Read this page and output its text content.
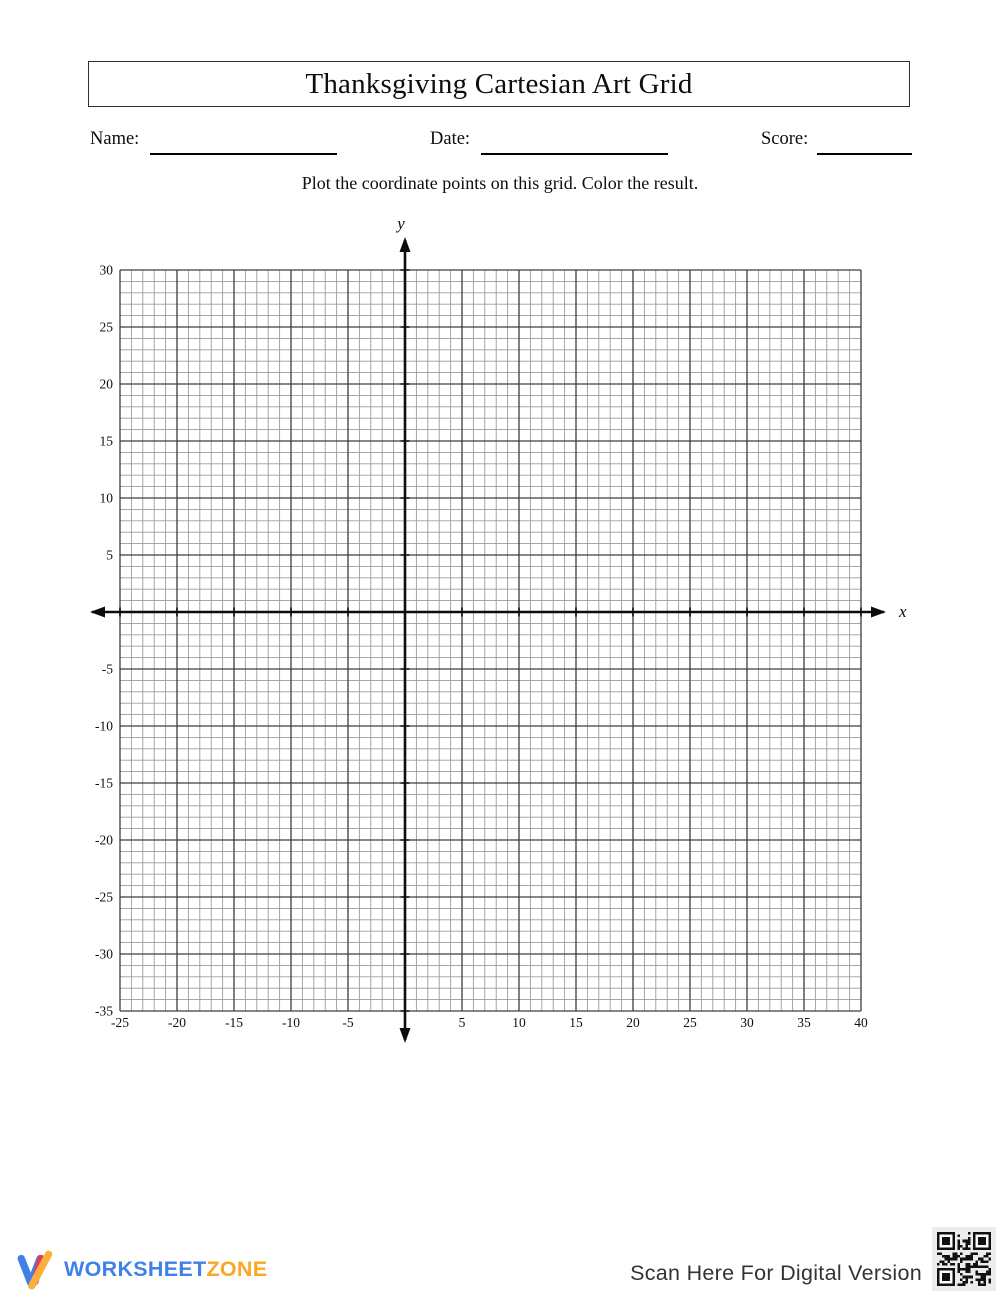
Thanksgiving Cartesian Art Grid
Name:	Date:	Score:
Plot the coordinate points on this grid. Color the result.
30
25
20
15
10
5
-5
-10
-15
-20
-25
-30
-35
-25	-20	-15	-10	-5	5	10	15	20	25	30	35	40
y
x
WORKSHEETZONE	Scan Here For Digital Version
